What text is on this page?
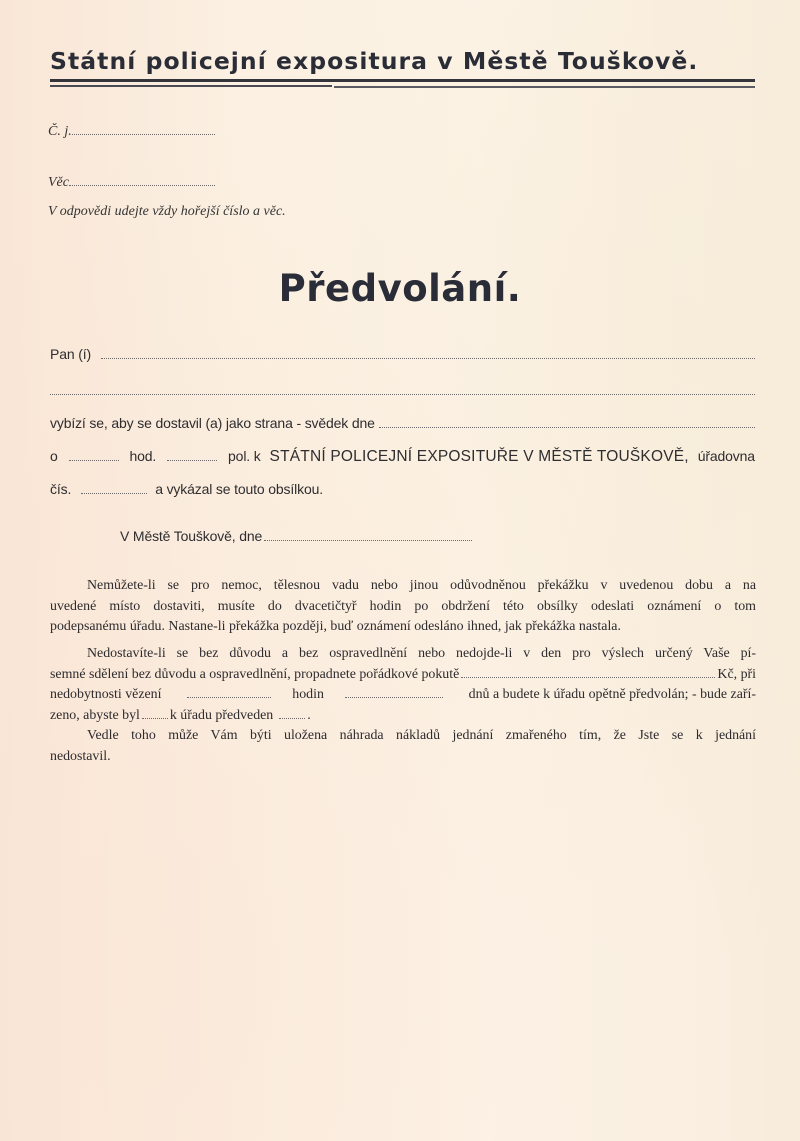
Státní policejní expositura v Městě Touškově.
Č. j.
Věc
V odpovědi udejte vždy hořejší číslo a věc.
Předvolání.
Pan (í)
vybízí se, aby se dostavil (a) jako strana - svědek dne
o	hod.	pol. k STÁTNÍ POLICEJNÍ EXPOSITUŘE V MĚSTĚ TOUŠKOVĚ, úřadovna
čís.	a vykázal se touto obsílkou.
V Městě Touškově, dne
Nemůžete-li se pro nemoc, tělesnou vadu nebo jinou odůvodněnou překážku v uvedenou dobu a na
uvedené místo dostaviti, musíte do dvacetičtyř hodin po obdržení této obsílky odeslati oznámení o tom
podepsanému úřadu. Nastane-li překážka později, buď oznámení odesláno ihned, jak překážka nastala.
Nedostavíte-li se bez důvodu a bez ospravedlnění nebo nedojde-li v den pro výslech určený Vaše pí-
semné sdělení bez důvodu a ospravedlnění, propadnete pořádkové pokutě	Kč, při
nedobytnosti vězení	hodin	dnů a budete k úřadu opětně předvolán; - bude zaří-
zeno, abyste byl k úřadu předveden .
Vedle toho může Vám býti uložena náhrada nákladů jednání zmařeného tím, že Jste se k jednání
nedostavil.
